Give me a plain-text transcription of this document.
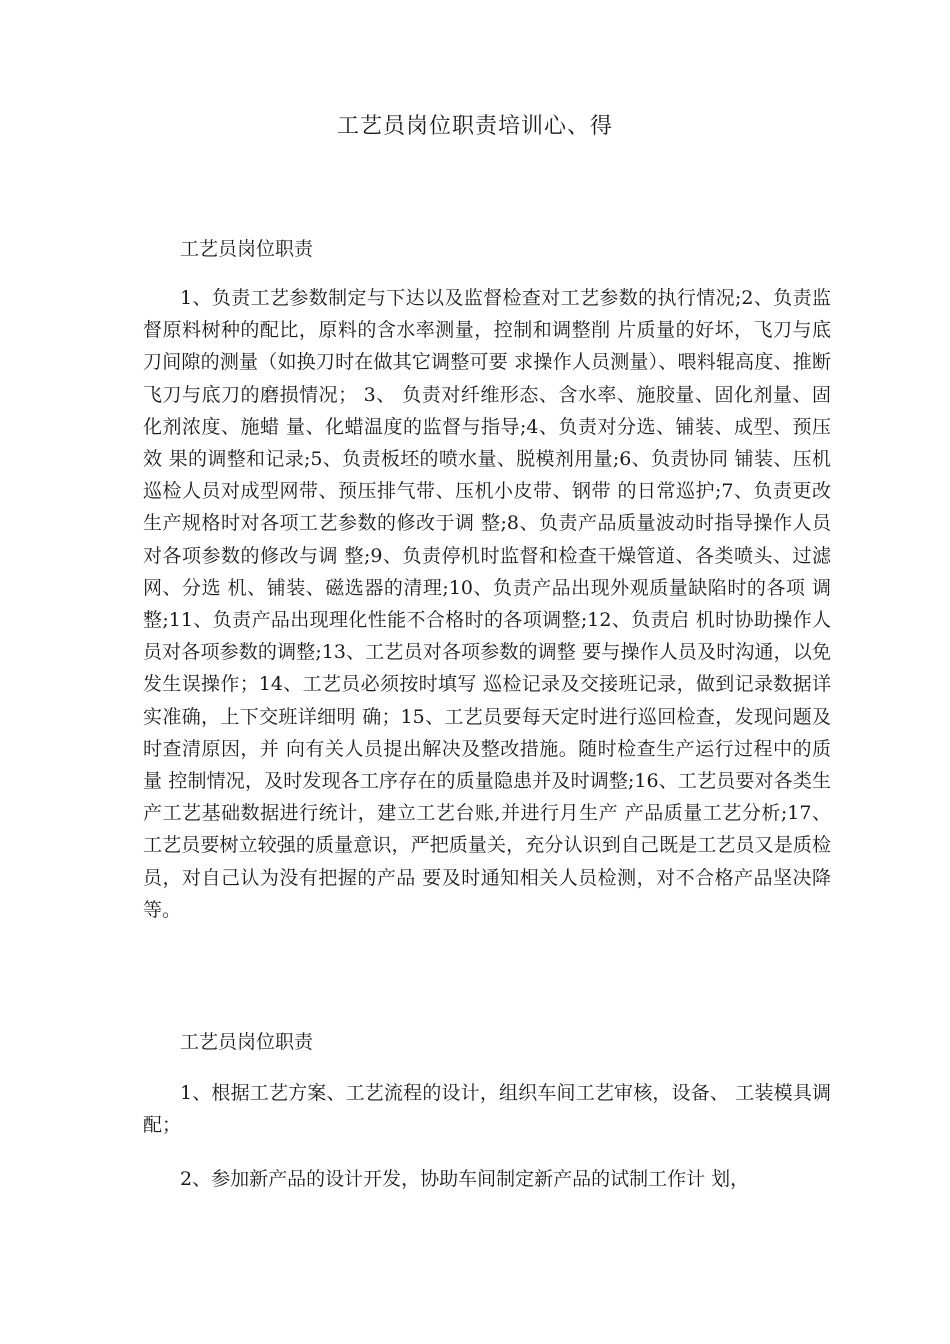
工艺员岗位职责培训心、得
工艺员岗位职责
1、负责工艺参数制定与下达以及监督检查对工艺参数的执行情况;2、负责监督原料树种的配比，原料的含水率测量，控制和调整削 片质量的好坏，飞刀与底刀间隙的测量（如换刀时在做其它调整可要 求操作人员测量）、喂料辊高度、推断飞刀与底刀的磨损情况； 3、 负责对纤维形态、含水率、施胶量、固化剂量、固化剂浓度、施蜡 量、化蜡温度的监督与指导;4、负责对分选、铺装、成型、预压效 果的调整和记录;5、负责板坯的喷水量、脱模剂用量;6、负责协同 铺装、压机巡检人员对成型网带、预压排气带、压机小皮带、钢带 的日常巡护;7、负责更改生产规格时对各项工艺参数的修改于调 整;8、负责产品质量波动时指导操作人员对各项参数的修改与调 整;9、负责停机时监督和检查干燥管道、各类喷头、过滤网、分选 机、铺装、磁选器的清理;10、负责产品出现外观质量缺陷时的各项 调整;11、负责产品出现理化性能不合格时的各项调整;12、负责启 机时协助操作人员对各项参数的调整;13、工艺员对各项参数的调整 要与操作人员及时沟通，以免发生误操作；14、工艺员必须按时填写 巡检记录及交接班记录，做到记录数据详实准确，上下交班详细明 确；15、工艺员要每天定时进行巡回检查，发现问题及时查清原因，并 向有关人员提出解决及整改措施。随时检查生产运行过程中的质量 控制情况，及时发现各工序存在的质量隐患并及时调整;16、工艺员要对各类生产工艺基础数据进行统计，建立工艺台账,并进行月生产 产品质量工艺分析;17、工艺员要树立较强的质量意识，严把质量关，充分认识到自己既是工艺员又是质检员，对自己认为没有把握的产品 要及时通知相关人员检测，对不合格产品坚决降等。
工艺员岗位职责
1、根据工艺方案、工艺流程的设计，组织车间工艺审核，设备、 工装模具调配；
2、参加新产品的设计开发，协助车间制定新产品的试制工作计 划，
